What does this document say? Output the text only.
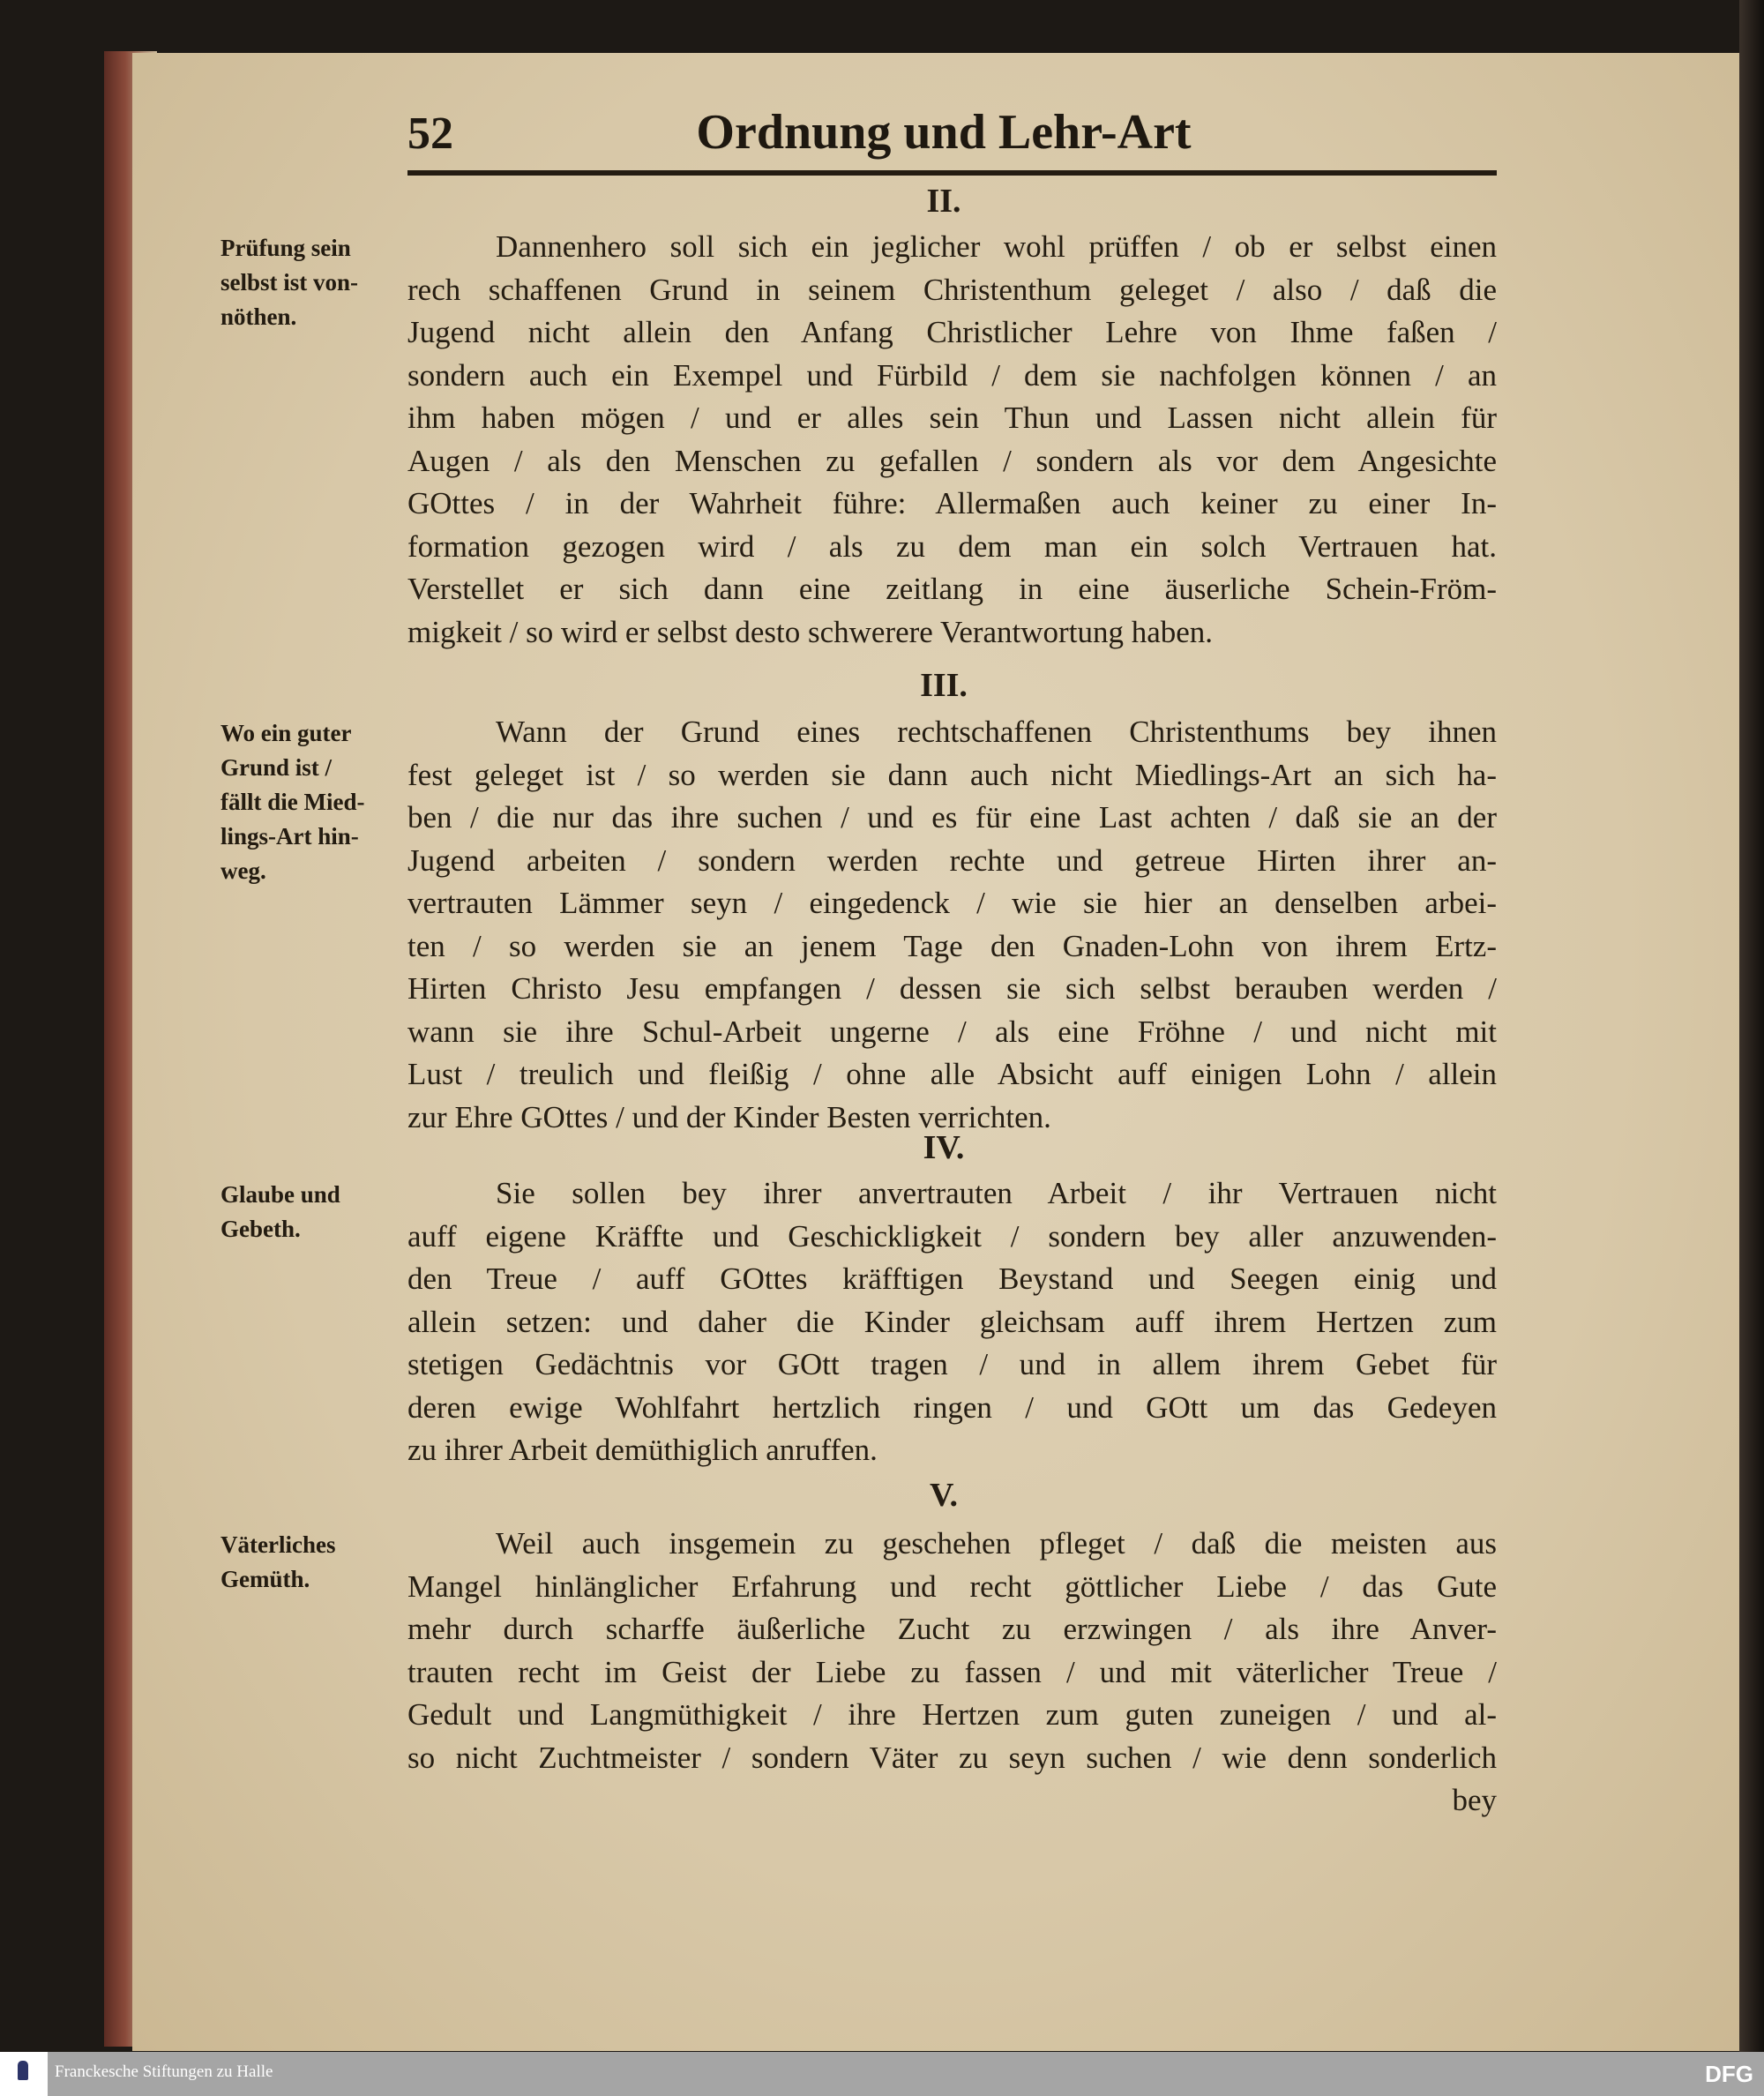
52	Ordnung und Lehr-Art
II.
Prüfung sein
selbst ist von-
nöthen.
Dannenhero soll sich ein jeglicher wohl prüffen / ob er selbst einen
rech schaffenen Grund in seinem Christenthum geleget / also / daß die
Jugend nicht allein den Anfang Christlicher Lehre von Ihme faßen /
sondern auch ein Exempel und Fürbild / dem sie nachfolgen können / an
ihm haben mögen / und er alles sein Thun und Lassen nicht allein für
Augen / als den Menschen zu gefallen / sondern als vor dem Angesichte
GOttes / in der Wahrheit führe: Allermaßen auch keiner zu einer In-
formation gezogen wird / als zu dem man ein solch Vertrauen hat.
Verstellet er sich dann eine zeitlang in eine äuserliche Schein-Fröm-
migkeit / so wird er selbst desto schwerere Verantwortung haben.
III.
Wo ein guter
Grund ist /
fällt die Mied-
lings-Art hin-
weg.
Wann der Grund eines rechtschaffenen Christenthums bey ihnen
fest geleget ist / so werden sie dann auch nicht Miedlings-Art an sich ha-
ben / die nur das ihre suchen / und es für eine Last achten / daß sie an der
Jugend arbeiten / sondern werden rechte und getreue Hirten ihrer an-
vertrauten Lämmer seyn / eingedenck / wie sie hier an denselben arbei-
ten / so werden sie an jenem Tage den Gnaden-Lohn von ihrem Ertz-
Hirten Christo Jesu empfangen / dessen sie sich selbst berauben werden /
wann sie ihre Schul-Arbeit ungerne / als eine Fröhne / und nicht mit
Lust / treulich und fleißig / ohne alle Absicht auff einigen Lohn / allein
zur Ehre GOttes / und der Kinder Besten verrichten.
IV.
Glaube und
Gebeth.
Sie sollen bey ihrer anvertrauten Arbeit / ihr Vertrauen nicht
auff eigene Kräffte und Geschickligkeit / sondern bey aller anzuwenden-
den Treue / auff GOttes kräfftigen Beystand und Seegen einig und
allein setzen: und daher die Kinder gleichsam auff ihrem Hertzen zum
stetigen Gedächtnis vor GOtt tragen / und in allem ihrem Gebet für
deren ewige Wohlfahrt hertzlich ringen / und GOtt um das Gedeyen
zu ihrer Arbeit demüthiglich anruffen.
V.
Väterliches
Gemüth.
Weil auch insgemein zu geschehen pfleget / daß die meisten aus
Mangel hinlänglicher Erfahrung und recht göttlicher Liebe / das Gute
mehr durch scharffe äußerliche Zucht zu erzwingen / als ihre Anver-
trauten recht im Geist der Liebe zu fassen / und mit väterlicher Treue /
Gedult und Langmüthigkeit / ihre Hertzen zum guten zuneigen / und al-
so nicht Zuchtmeister / sondern Väter zu seyn suchen / wie denn sonderlich
bey
Franckesche Stiftungen zu Halle	DFG
